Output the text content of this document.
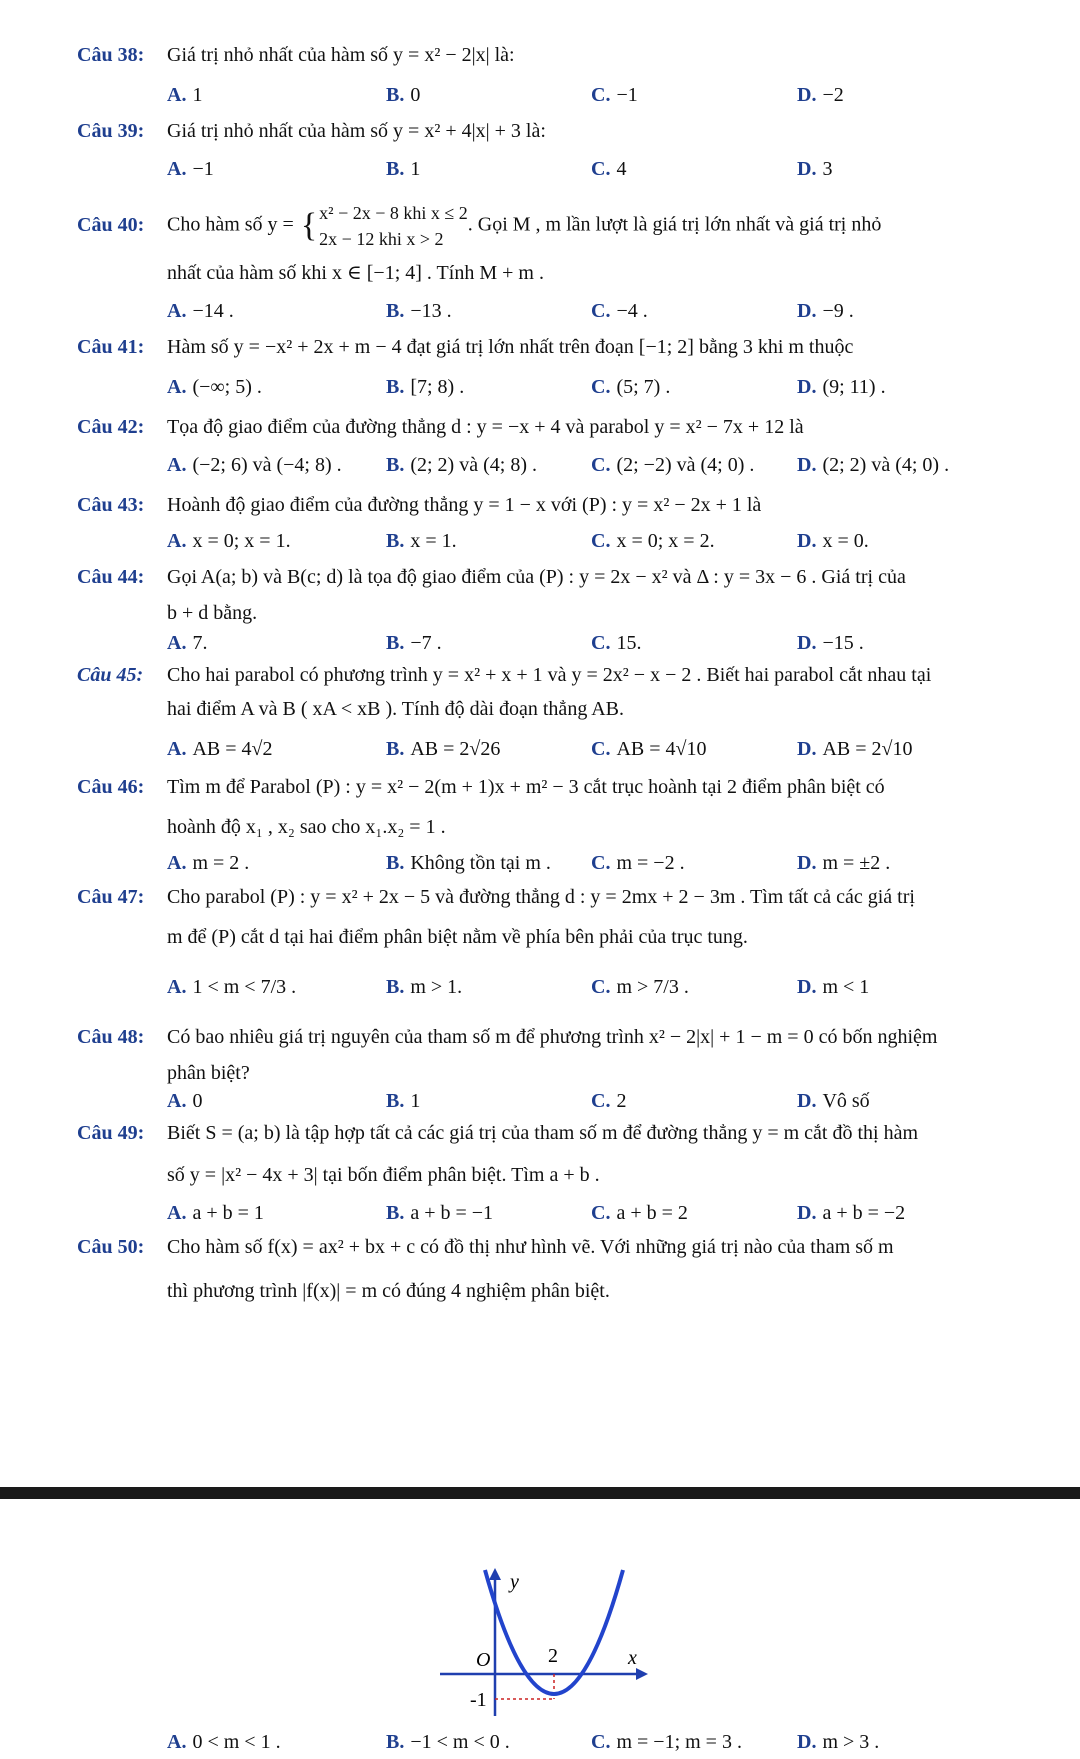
Câu 38: Giá trị nhỏ nhất của hàm số y = x² − 2|x| là:
A. 1	B. 0	C. −1	D. −2
Câu 39: Giá trị nhỏ nhất của hàm số y = x² + 4|x| + 3 là:
A. −1	B. 1	C. 4	D. 3
Câu 40: Cho hàm số y = { x² − 2x − 8 khi x ≤ 2
2x − 12 khi x > 2
. Gọi M , m lần lượt là giá trị lớn nhất và giá trị nhỏ
nhất của hàm số khi x ∈ [−1; 4] . Tính M + m .
A. −14 .	B. −13 .	C. −4 .	D. −9 .
Câu 41: Hàm số y = −x² + 2x + m − 4 đạt giá trị lớn nhất trên đoạn [−1; 2] bằng 3 khi m thuộc
A. (−∞; 5) .	B. [7; 8) .	C. (5; 7) .	D. (9; 11) .
Câu 42: Tọa độ giao điểm của đường thẳng d : y = −x + 4 và parabol y = x² − 7x + 12 là
A. (−2; 6) và (−4; 8) . B. (2; 2) và (4; 8) .	C. (2; −2) và (4; 0) . D. (2; 2) và (4; 0) .
Câu 43: Hoành độ giao điểm của đường thẳng y = 1 − x với (P) : y = x² − 2x + 1 là
A. x = 0; x = 1.	B. x = 1.	C. x = 0; x = 2.	D. x = 0.
Câu 44: Gọi A(a; b) và B(c; d) là tọa độ giao điểm của (P) : y = 2x − x² và Δ : y = 3x − 6 . Giá trị của
b + d bằng.
A. 7.	B. −7 .	C. 15.	D. −15 .
Câu 45: Cho hai parabol có phương trình y = x² + x + 1 và y = 2x² − x − 2 . Biết hai parabol cắt nhau tại
hai điểm A và B ( xA < xB ). Tính độ dài đoạn thẳng AB.
A. AB = 4√2	B. AB = 2√26	C. AB = 4√10	D. AB = 2√10
Câu 46: Tìm m để Parabol (P) : y = x² − 2(m + 1)x + m² − 3 cắt trục hoành tại 2 điểm phân biệt có
hoành độ x₁ , x₂ sao cho x₁.x₂ = 1 .
A. m = 2 .	B. Không tồn tại m . C. m = −2 .	D. m = ±2 .
Câu 47: Cho parabol (P) : y = x² + 2x − 5 và đường thẳng d : y = 2mx + 2 − 3m . Tìm tất cả các giá trị
m để (P) cắt d tại hai điểm phân biệt nằm về phía bên phải của trục tung.
A. 1 < m < 7/3 .	B. m > 1.	C. m > 7/3 .	D. m < 1
Câu 48: Có bao nhiêu giá trị nguyên của tham số m để phương trình x² − 2|x| + 1 − m = 0 có bốn nghiệm
phân biệt?
A. 0	B. 1	C. 2	D. Vô số
Câu 49: Biết S = (a; b) là tập hợp tất cả các giá trị của tham số m để đường thẳng y = m cắt đồ thị hàm
số y = |x² − 4x + 3| tại bốn điểm phân biệt. Tìm a + b .
A. a + b = 1	B. a + b = −1	C. a + b = 2	D. a + b = −2
Câu 50: Cho hàm số f(x) = ax² + bx + c có đồ thị như hình vẽ. Với những giá trị nào của tham số m
thì phương trình |f(x)| = m có đúng 4 nghiệm phân biệt.
y
x
O	2
-1
A. 0 < m < 1 .	B. −1 < m < 0 .	C. m = −1; m = 3 .	D. m > 3 .
